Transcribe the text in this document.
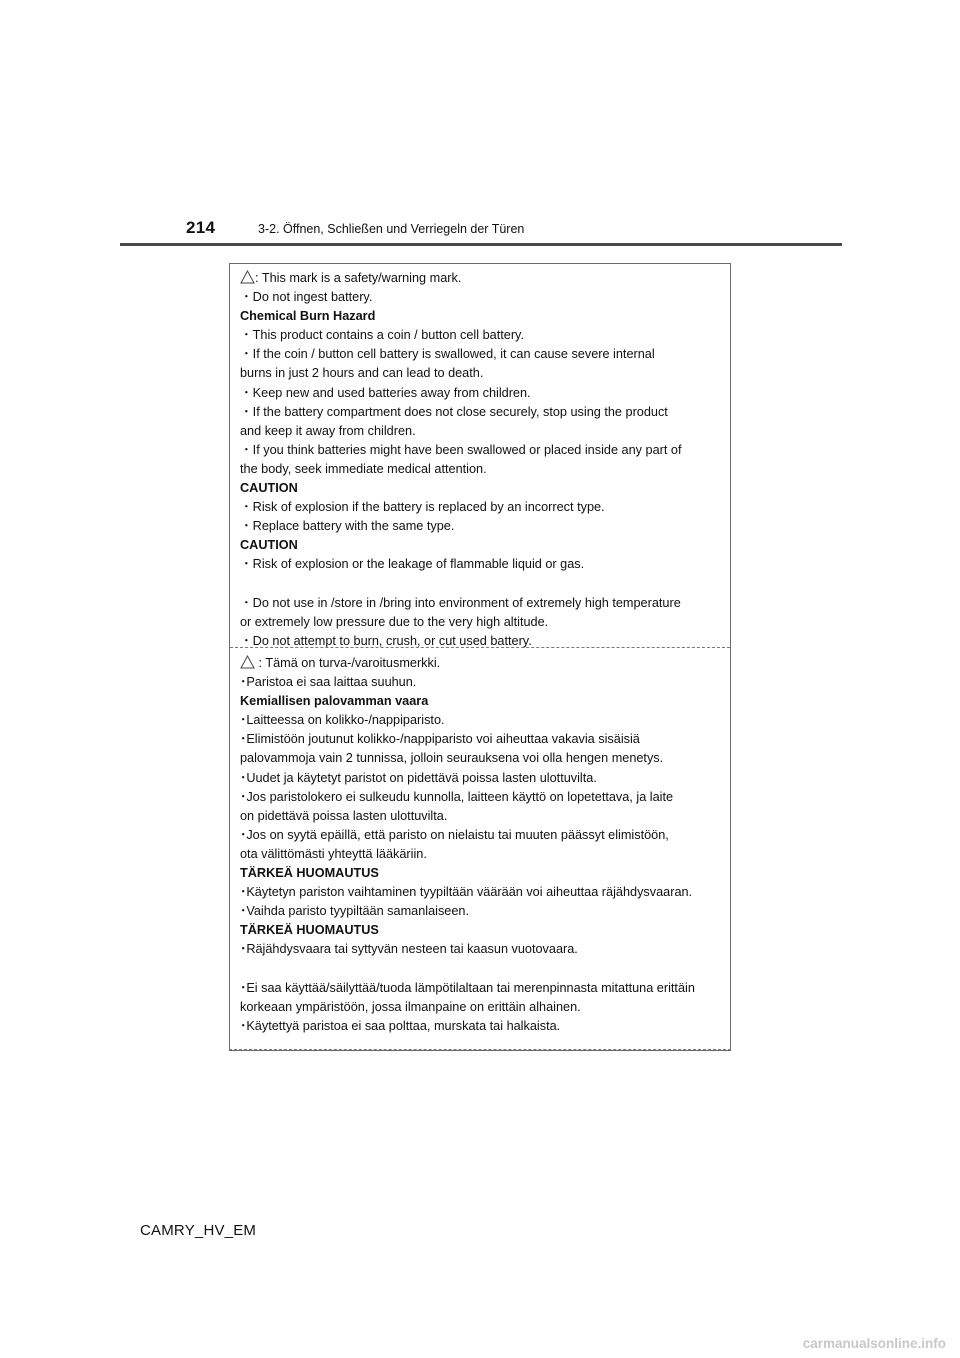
214	3-2. Öffnen, Schließen und Verriegeln der Türen
: This mark is a safety/warning mark.
・Do not ingest battery.
Chemical Burn Hazard
・This product contains a coin / button cell battery.
・If the coin / button cell battery is swallowed, it can cause severe internal
burns in just 2 hours and can lead to death.
・Keep new and used batteries away from children.
・If the battery compartment does not close securely, stop using the product
and keep it away from children.
・If you think batteries might have been swallowed or placed inside any part of
the body, seek immediate medical attention.
CAUTION
・Risk of explosion if the battery is replaced by an incorrect type.
・Replace battery with the same type.
CAUTION
・Risk of explosion or the leakage of flammable liquid or gas.
・Do not use in /store in /bring into environment of extremely high temperature
or extremely low pressure due to the very high altitude.
・Do not attempt to burn, crush, or cut used battery.
: Tämä on turva-/varoitusmerkki.
･Paristoa ei saa laittaa suuhun.
Kemiallisen palovamman vaara
･Laitteessa on kolikko-/nappiparisto.
･Elimistöön joutunut kolikko-/nappiparisto voi aiheuttaa vakavia sisäisiä
palovammoja vain 2 tunnissa, jolloin seurauksena voi olla hengen menetys.
･Uudet ja käytetyt paristot on pidettävä poissa lasten ulottuvilta.
･Jos paristolokero ei sulkeudu kunnolla, laitteen käyttö on lopetettava, ja laite
on pidettävä poissa lasten ulottuvilta.
･Jos on syytä epäillä, että paristo on nielaistu tai muuten päässyt elimistöön,
ota välittömästi yhteyttä lääkäriin.
TÄRKEÄ HUOMAUTUS
･Käytetyn pariston vaihtaminen tyypiltään väärään voi aiheuttaa räjähdysvaaran.
･Vaihda paristo tyypiltään samanlaiseen.
TÄRKEÄ HUOMAUTUS
･Räjähdysvaara tai syttyvän nesteen tai kaasun vuotovaara.
･Ei saa käyttää/säilyttää/tuoda lämpötilaltaan tai merenpinnasta mitattuna erittäin
korkeaan ympäristöön, jossa ilmanpaine on erittäin alhainen.
･Käytettyä paristoa ei saa polttaa, murskata tai halkaista.
CAMRY_HV_EM
carmanualsonline.info
